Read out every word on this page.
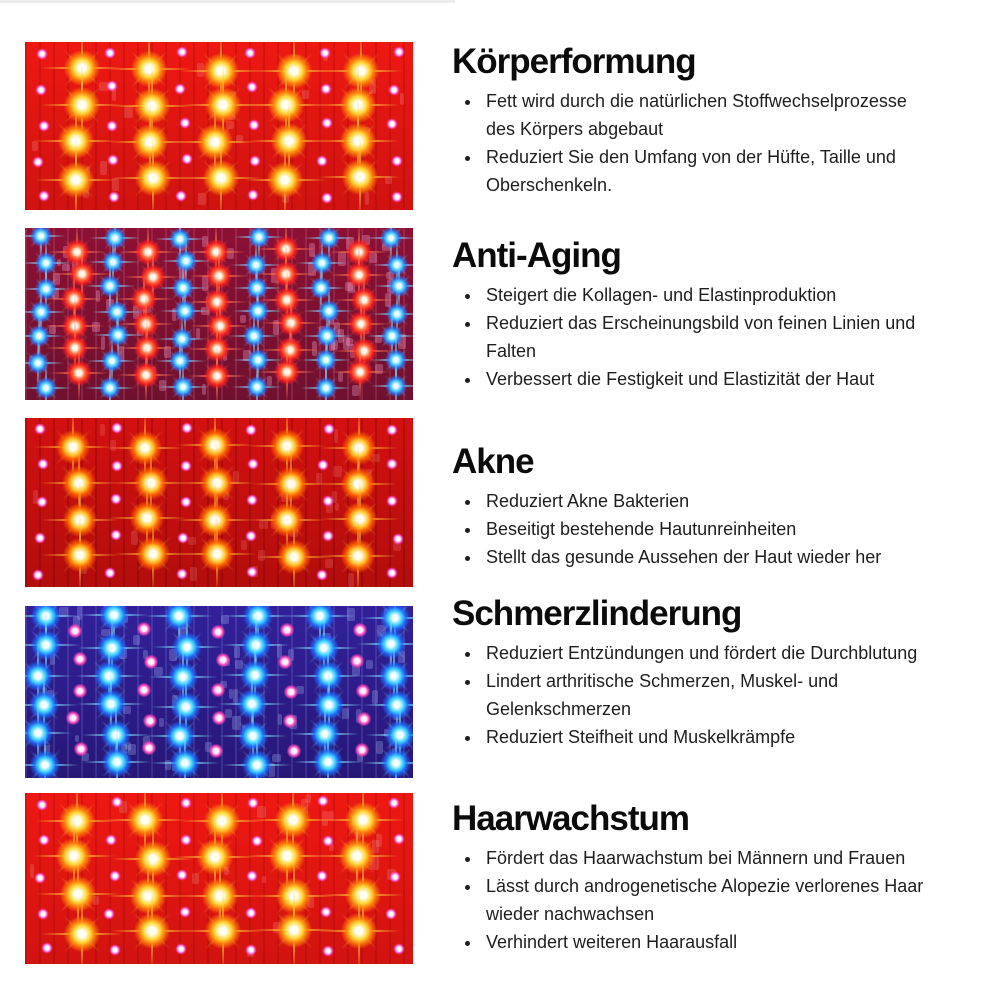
Körperformung
• Fett wird durch die natürlichen Stoffwechselprozesse des Körpers abgebaut
• Reduziert Sie den Umfang von der Hüfte, Taille und Oberschenkeln.
Anti-Aging
• Steigert die Kollagen- und Elastinproduktion
• Reduziert das Erscheinungsbild von feinen Linien und Falten
• Verbessert die Festigkeit und Elastizität der Haut
Akne
• Reduziert Akne Bakterien
• Beseitigt bestehende Hautunreinheiten
• Stellt das gesunde Aussehen der Haut wieder her
Schmerzlinderung
• Reduziert Entzündungen und fördert die Durchblutung
• Lindert arthritische Schmerzen, Muskel- und Gelenkschmerzen
• Reduziert Steifheit und Muskelkrämpfe
Haarwachstum
• Fördert das Haarwachstum bei Männern und Frauen
• Lässt durch androgenetische Alopezie verlorenes Haar wieder nachwachsen
• Verhindert weiteren Haarausfall
